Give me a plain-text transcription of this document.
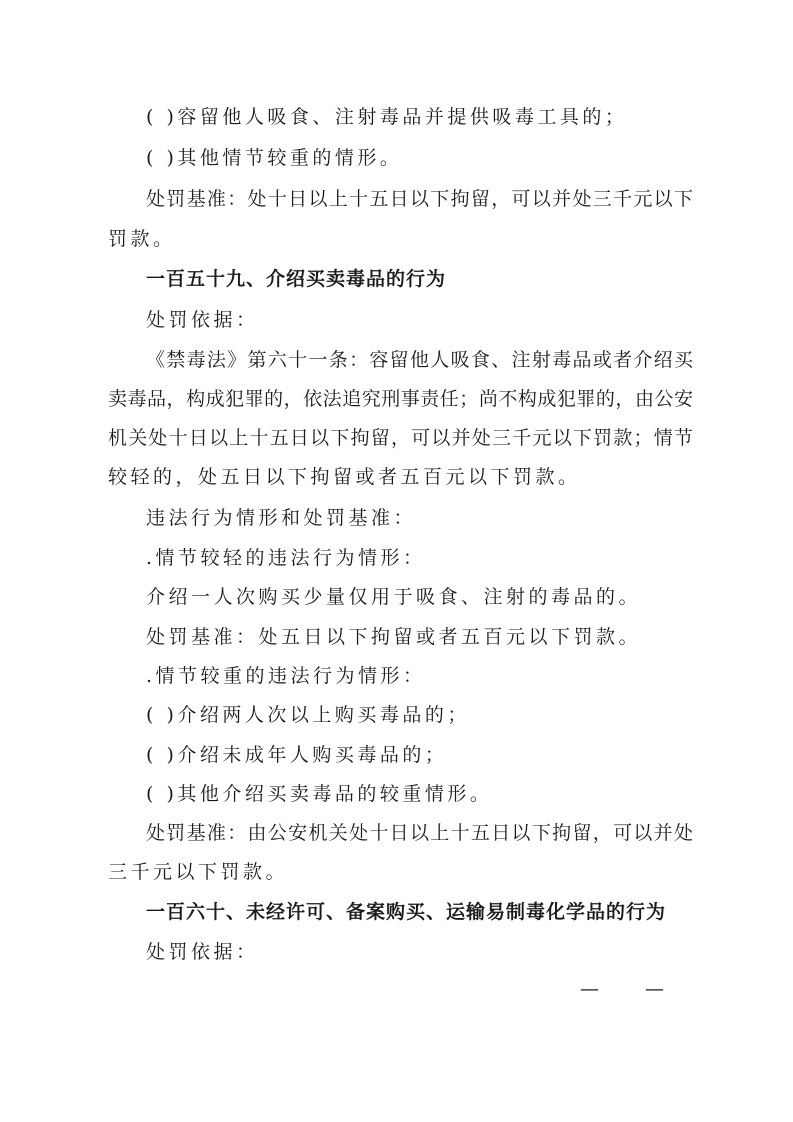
( )容留他人吸食、注射毒品并提供吸毒工具的；
( )其他情节较重的情形。
处罚基准：处十日以上十五日以下拘留，可以并处三千元以下
罚款。
一百五十九、介绍买卖毒品的行为
处罚依据：
《禁毒法》第六十一条：容留他人吸食、注射毒品或者介绍买
卖毒品，构成犯罪的，依法追究刑事责任；尚不构成犯罪的，由公安
机关处十日以上十五日以下拘留，可以并处三千元以下罚款；情节
较轻的，处五日以下拘留或者五百元以下罚款。
违法行为情形和处罚基准：
.情节较轻的违法行为情形：
介绍一人次购买少量仅用于吸食、注射的毒品的。
处罚基准：处五日以下拘留或者五百元以下罚款。
.情节较重的违法行为情形：
( )介绍两人次以上购买毒品的；
( )介绍未成年人购买毒品的；
( )其他介绍买卖毒品的较重情形。
处罚基准：由公安机关处十日以上十五日以下拘留，可以并处
三千元以下罚款。
一百六十、未经许可、备案购买、运输易制毒化学品的行为
处罚依据：
— —
